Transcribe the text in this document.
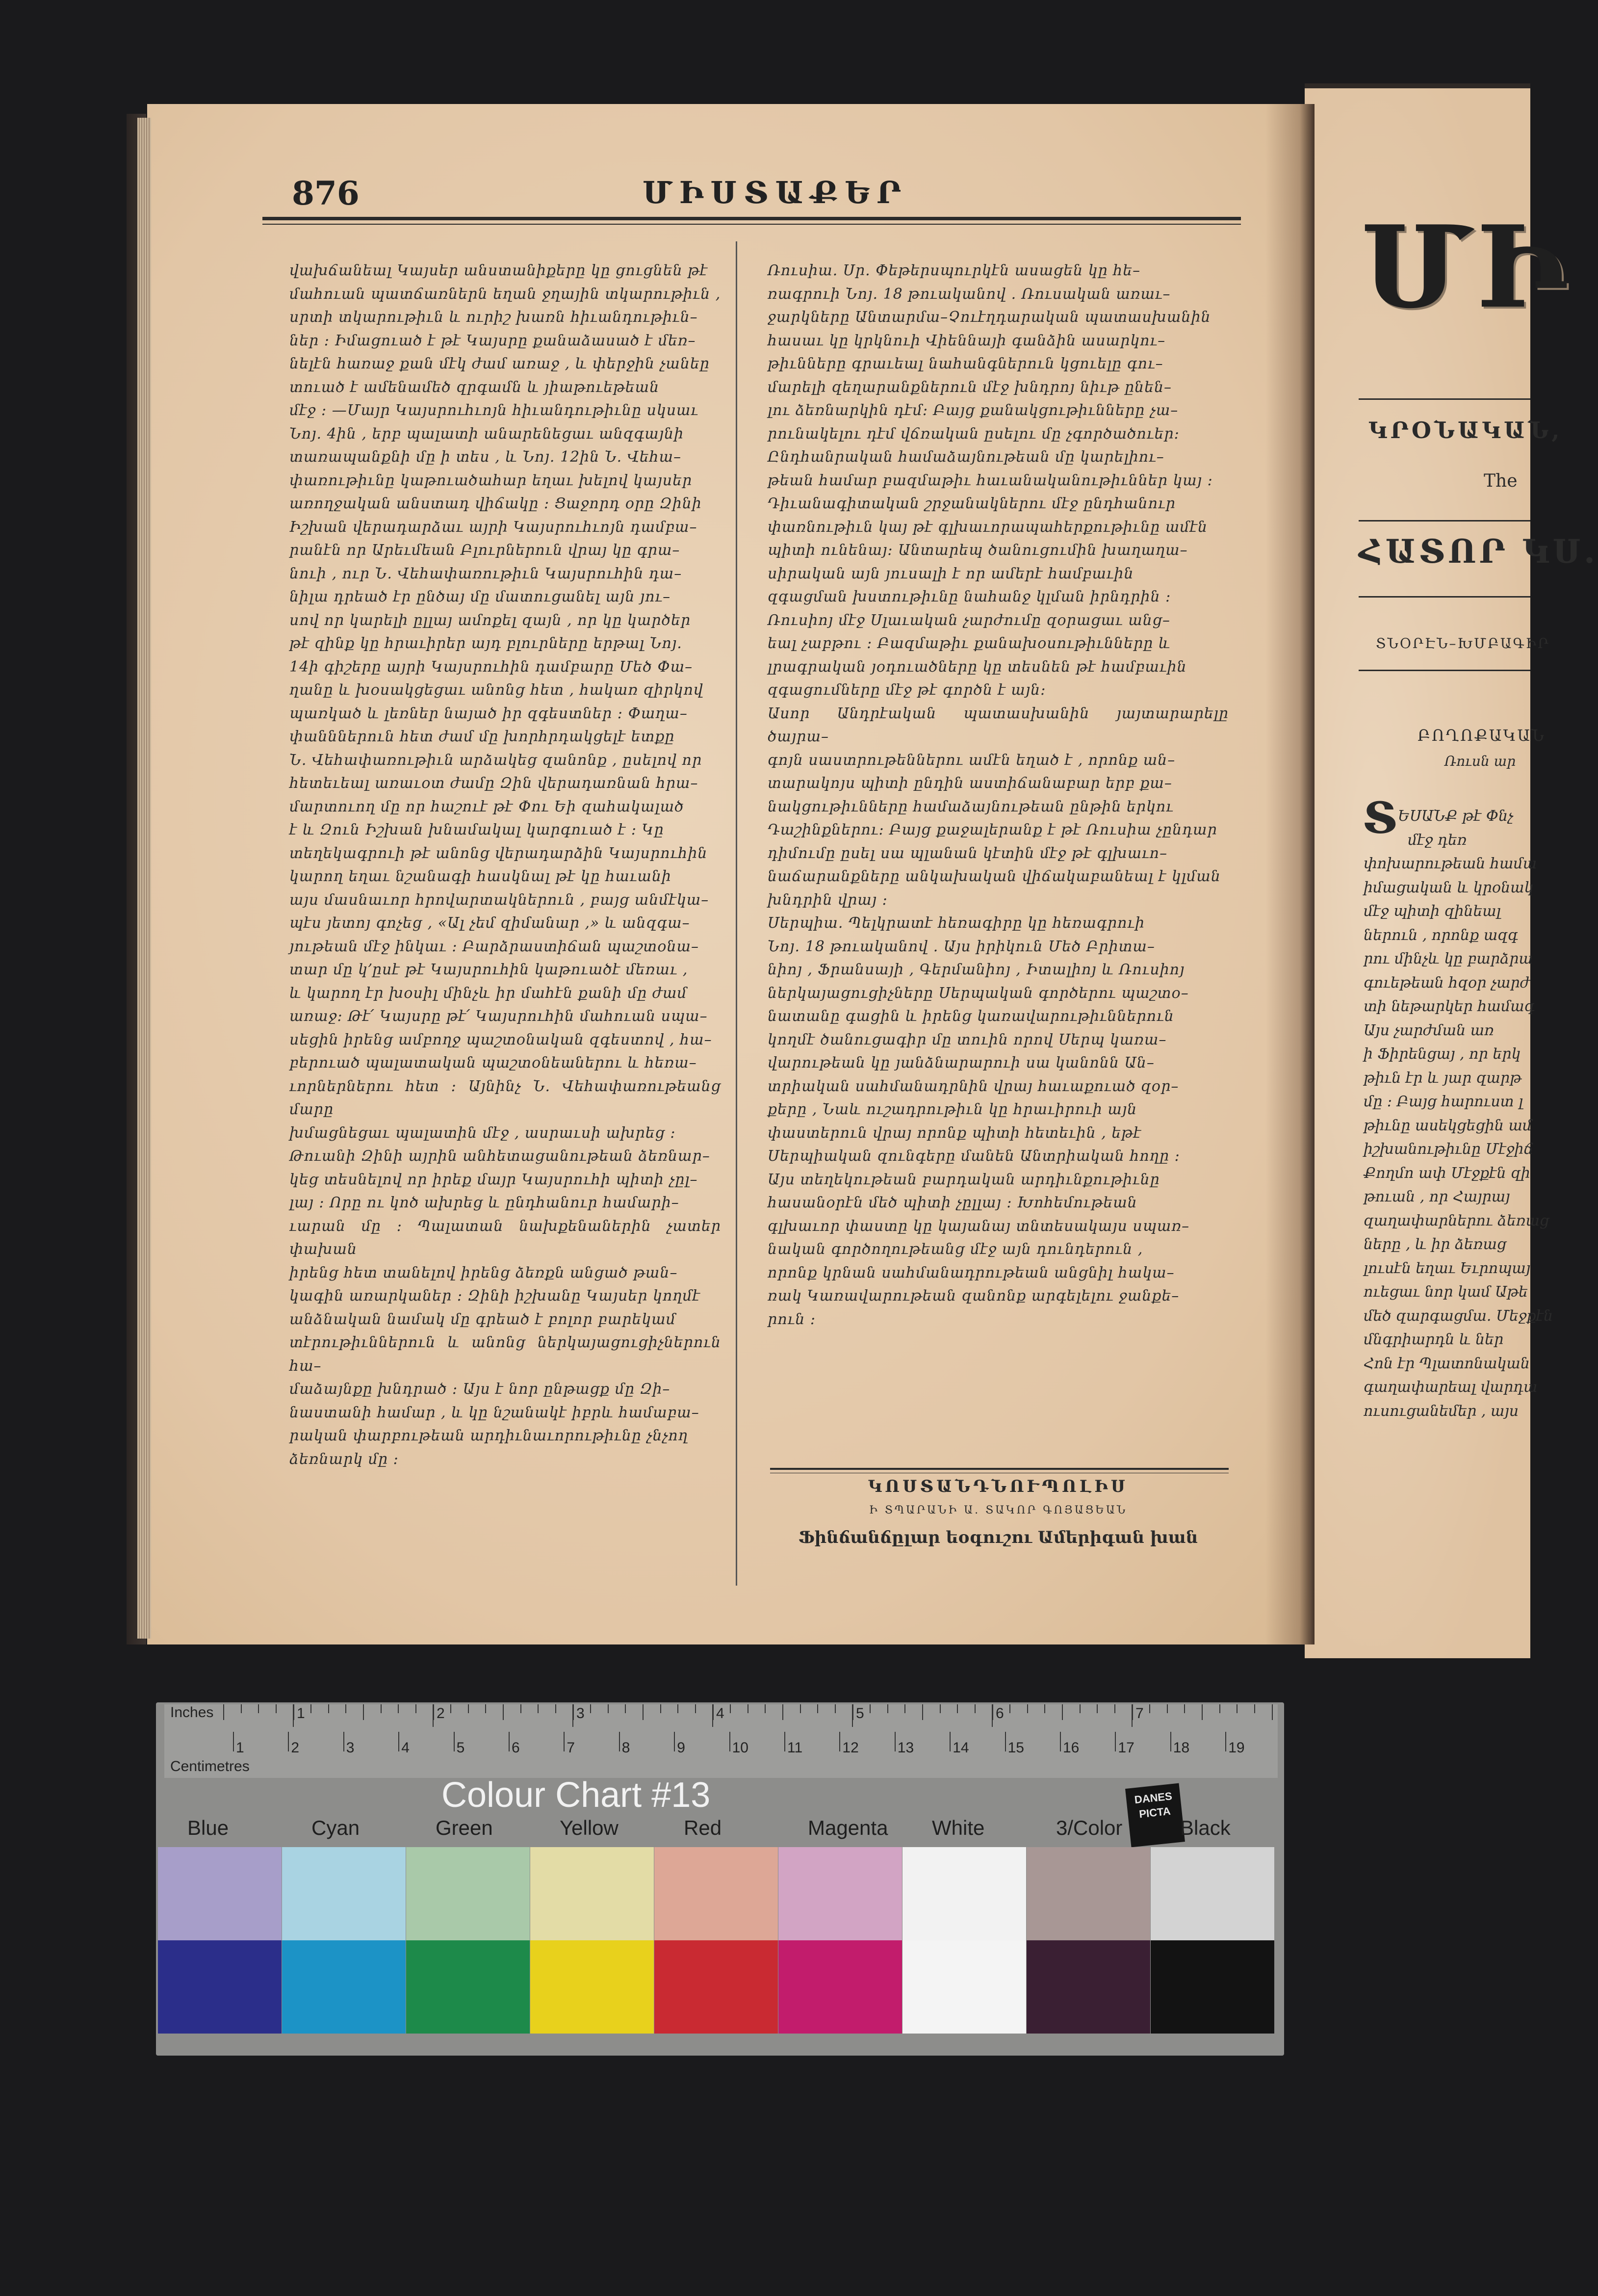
876	ՄԻՍՏԱՔԵՐ

վախճանեալ Կայսեր անստանիքերը կը ցուցնեն թէ

մահուան պատճառներն եղան ջղային տկարութիւն ,

սրտի տկարութիւն և ուրիշ խառն հիւանդութիւն–

ներ ։ Իմացուած է թէ Կայսրը քանաձասած է մեռ–

նելէն հառաջ քան մէկ ժամ առաջ , և փերջին չանեը

տուած է ամենամեծ զրգամն և յիաթուեթեան

մէջ ։ —Մայր Կայսրուհւոյն հիւանդութիւնը սկսաւ

Նոյ. 4ին , երբ պալատի անարենեցաւ անզգայնի

տառապանքնի մը ի տես , և Նոյ. 12ին Ն. Վեհա–

փառութիւնը կաթուածահար եղաւ խելով կայսեր

առողջական անստադ վիճակը ։ Ցաջորդ օրը Զինի

Իշխան վերադարձաւ այրի Կայսրուհւոյն դամբա–

րանէն որ Արեւմեան Բլուրներուն վրայ կը գրա–

նուի , ուր Ն. Վեհափառութիւն Կայսրուհին դա–

նիլա դրեած էր ընծայ մը մատուցանել այն յու–

սով որ կարելի ըլլայ ամոքել զայն , որ կը կարծեր

թէ զինք կը հրաւիրեր այդ բլուրները երթալ Նոյ.

14ի գիշերը այրի Կայսրուհին դամբարը Մեծ Փա–

ղանը և խօսակցեցաւ անոնց հետ , հակառ զիրկով

պառկած և լեռներ նայած իր զգեստներ ։ Փաղա–

փանններուն հետ ժամ մը խորհրդակցելէ ետքը

Ն. Վեհափառութիւն արձակեց զանոնք , ըսելով որ

հետեւեալ առաւօտ ժամը Զին վերադառնան հրա–

մարտուող մը որ հաշուէ թէ Փու Եի զահակալած

է և Զուն Իշխան խնամակալ կարգուած է ։ Կը

տեղեկագրուի թէ անոնց վերադարձին Կայսրուհին

կարող եղաւ նշանագի հասկնալ թէ կը հաւանի

այս մասնաւոր հրովարտակներուն , բայց անմէկա–

պէս յետոյ գոչեց , «Ալ չեմ զիմանար ,» և անզգա–

յութեան մէջ ինկաւ ։ Բարձրաստիճան պաշտօնա–

տար մը կ՚ըսէ թէ Կայսրուհին կաթուածէ մեռաւ ,

և կարող էր խօսիլ մինչև իր մահէն քանի մը ժամ

առաջ։ Թէ՛ Կայսրը թէ՛ Կայսրուհին մահուան սպա–

սեցին իրենց ամբողջ պաշտօնական զգեստով , հա–

բերուած պալատական պաշտօնեաներու և հեռա–

ւորներներու հետ ։ Այնինչ Ն. Վեհափառութեանց մարը

խմացնեցաւ պալատին մէջ , ասրաւսի ախրեց ։

Թուանի Զինի այրին անհետացանութեան ձեռնար–

կեց տեսնելով որ իրեք մայր Կայսրուհի պիտի չըլ–

լայ ։ Որը ու կոծ ախրեց և ընդհանուր համարի–

ւարան մը ։ Պալատան նախքենաներին չատեր փախան

իրենց հետ տանելով իրենց ձեռքն անցած թան–

կագին առարկաներ ։ Զինի իշխանը Կայսեր կողմէ

անձնական նամակ մը գրեած է բոլոր բարեկամ

տէրութիւններուն և անոնց ներկայացուցիչներուն հա–

մաձայնքը խնդրած ։ Այս է նոր ընթացք մը Զի–

նաստանի համար , և կը նշանակէ իբրև համաբա–

րական փարբութեան արդիւնաւորութիւնը չնչող

ձեռնարկ մը ։

Ռուսիա. Սր. Փեթերսպուրկէն ասացեն կը հե–

ռագրուի Նոյ. 18 թուականով . Ռուսական առաւ–

ջարկները Անտարմա–Չուէղդարական պատասխանին

հասաւ կը կրկնուի Վիեննայի գանձին ասարկու–

թիւնները գրաւեալ նահանգներուն կցուելը գու–

մարելի զեղարանքներուն մէջ խնդրոյ նիւթ ընեն–

լու ձեռնարկին դէմ։ Բայց քանակցութիւնները չա–

րունակելու դէմ վճռական ըսելու մը չգործածուեր։

Ընդհանրական համաձայնութեան մը կարելիու–

թեան համար բազմաթիւ հաւանականութիւններ կայ ։

Դիւանագիտական շրջանակներու մէջ ընդհանուր

փառնութիւն կայ թէ գլխաւորապահերքութիւնը ամէն

պիտի ունենայ։ Անտարեպ ծանուցումին խաղաղա–

սիրական այն յուսալի է որ ամերէ համբաւին

զգացման խստութիւնը նահանջ կլման իրնդրին ։

Ռուսիոյ մէջ Սլաւական չարժումը զօրացաւ անց–

եալ չաբթու ։ Բազմաթիւ քանախօսութիւնները և

լրագրական յօդուածները կը տեսնեն թէ համբաւին

զգացումները մէջ թէ գործն է այն։

Ասոր Անդրէական պատասխանին յայտարարելը ծայրա–

գոյն սաստրութեններու ամէն եղած է , որոնք ան–

տարակոյս պիտի ընդին աստիճանաբար երբ քա–

նակցութիւնները համաձայնութեան ընթին երկու

Դաշինքներու։ Բայց քաջալերանք է թէ Ռուսիա չընդար

դիմումը ըսել սա պլանան կէտին մէջ թէ գլխաւո–

նաճարանքները անկախական վիճակաբանեալ է կլման

խնդրին վրայ ։

Սերպիա. Պելկրատէ հեռագիրը կը հեռագրուի

Նոյ. 18 թուականով . Այս իրիկուն Մեծ Բրիտա–

նիոյ , Ֆրանսայի , Գերմանիոյ , Իտալիոյ և Ռուսիոյ

ներկայացուցիչները Սերպական գործերու պաշտօ–

նատանը գացին և իրենց կառավարութիւններուն

կողմէ ծանուցագիր մը տուին որով Սերպ կառա–

վարութեան կը յանձնարարուի սա կանոնն Ան–

տրիական սահմանադրնին վրայ հաւաքուած զօր–

քերը , Նաև ուշադրութիւն կը հրաւիրուի այն

փաստերուն վրայ որոնք պիտի հետեւին , եթէ

Սերպիական զունգերը մանեն Անտրիական հողը ։

Այս տեղեկութեան բարդական արդիւնքութիւնը

հասանօրէն մեծ պիտի չըլլայ ։ Խոհեմութեան

գլխաւոր փաստը կը կայանայ տնտեսակայս սպառ–

նական գործողութեանց մէջ այն դունդերուն ,

որոնք կրնան սահմանադրութեան անցնիլ հակա–

ռակ Կառավարութեան զանոնք արգելելու ջանքե–

րուն ։

ԿՈՍՏԱՆԴՆՈՒՊՈԼԻՍ
Ի ՏՊԱՐԱՆԻ Ա. ՏԱԿՈՐ ԳՈՅԱՑԵԱՆ
Ֆինճանճըլար եօգուշու Ամերիգան խան
ՄԻ
ԿՐՕՆԱԿԱՆ,
The
ՀԱՏՈՐ ԿՍ.
ՏՆՕՐԷՆ–ԽՄԲԱԳԻՐ
ԲՈՂՈՔԱԿԱՆ
Ռուսն ար
Տ ԵՍԱՆՔ թէ Փնչ
մէջ դեռ
փոխարութեան համա
իմացական և կրօնակ
մէջ պիտի զինեալ
ներուն , որոնք ազգ
րու մինչև կը բարձրա
գուեթեան հզօր չարժ
տի նեթարկեր համագ
Այս չարժման առ
ի Ֆիրենցայ , որ երկ
թիւն էր և յար զարթ
մը ։ Բայց հարուստ լ
թիւնը ասեկցեցին ամ
իշխանութիւնը Մէջիճ
Քողմո ափ Մէջքէն զի
թուան , որ Հայրայ
զաղափարներու ձեռաց
ները , և իր ձեռաց
լուսէն եղաւ Եւրոպայ
ուեցաւ նոր կամ Աթե
մեծ զարգացմա. Մեջքէն
մնգրիարդն և ներ
Հոն էր Պլատոնական
գաղափարեալ վարդա
ուսուցանեմեր , այս
Inches
Centimetres
1	2	3	4	5	6	7
1	2	3	4	5	6	7	8	9	10	11	12	13	14	15	16	17	18	19
Colour Chart #13	DANES
PICTA
Blue	Cyan	Green	Yellow	Red	Magenta White	3/Color	Black
